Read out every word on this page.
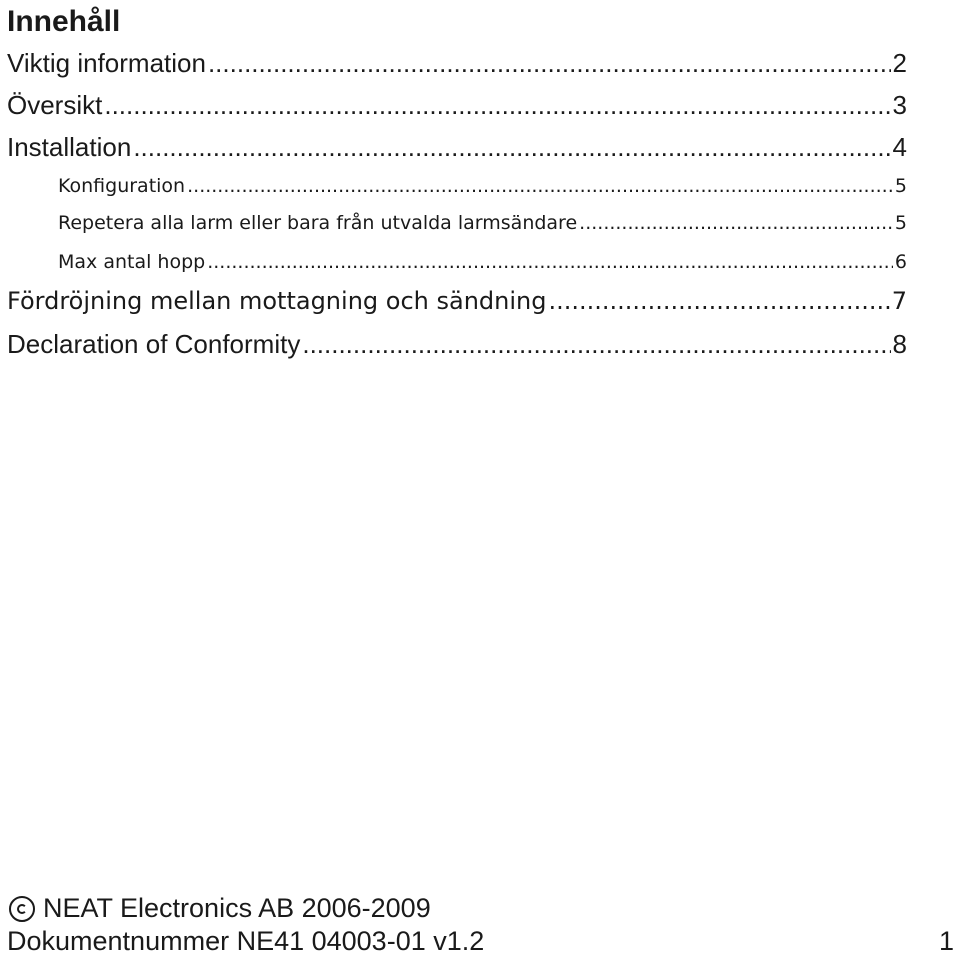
Innehåll
Viktig information .....	2
Översikt .....	3
Installation .....	4
Konfiguration .....	5
Repetera alla larm eller bara från utvalda larmsändare .....	5
Max antal hopp .....	6
Fördröjning mellan mottagning och sändning .....	7
Declaration of Conformity .....	8
NEAT Electronics AB 2006-2009
Dokumentnummer NE41 04003-01 v1.2	1
